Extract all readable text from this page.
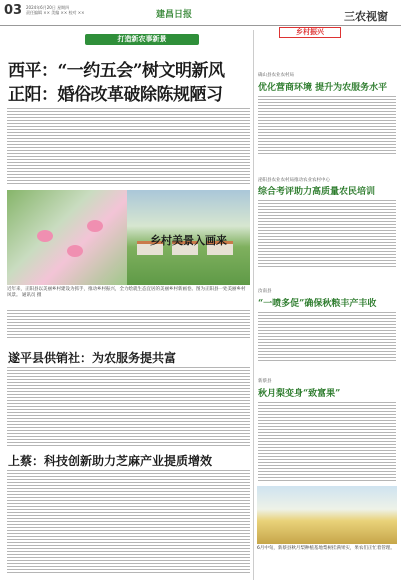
03 2024年6月20日 星期四
责任编辑 ×× 美编 ×× 校对 ××	建昌日报	三农视窗
打造新农事新景
西平：“一约五会”树文明新风
正阳：婚俗改革破除陈规陋习
乡村美景入画来
近年来，正阳县以美丽乡村建设为抓手，推动乡村振兴，全力绘就生态宜居的美丽乡村新画卷。图为正阳县一处美丽乡村风景。 通讯员 摄
遂平县供销社：为农服务提共富
上蔡：科技创新助力芝麻产业提质增效
乡村振兴
确山县农业农村局
优化营商环境 提升为农服务水平
泌阳县农业农村局推动农业农村中心
综合考评助力高质量农民培训
汝南县
“一喷多促”确保秋粮丰产丰收
新蔡县
秋月梨变身“致富果”
6月中旬，新蔡县秋月梨种植基地梨树挂满果实，果农们正忙着管理。
